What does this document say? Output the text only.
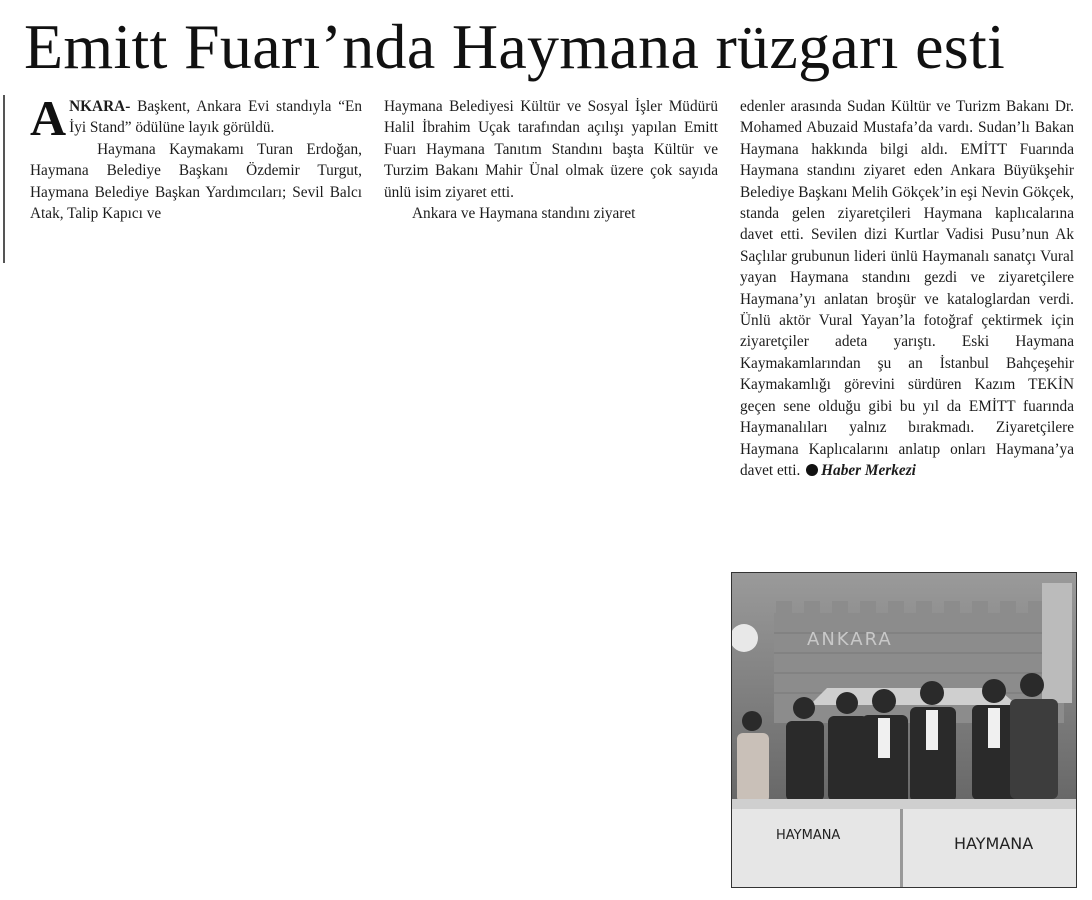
Emitt Fuarı’nda Haymana rüzgarı esti

ANKARA- Başkent, Ankara Evi standıyla “En İyi Stand” ödülüne layık görüldü.

Haymana Kaymakamı Turan Erdoğan, Haymana Belediye Başkanı Özdemir Turgut, Haymana Belediye Başkan Yardımcıları; Sevil Balcı Atak, Talip Kapıcı ve

Haymana Belediyesi Kültür ve Sosyal İşler Müdürü Halil İbrahim Uçak tarafından açılışı yapılan Emitt Fuarı Haymana Tanıtım Standını başta Kültür ve Turzim Bakanı Mahir Ünal olmak üzere çok sayıda ünlü isim ziyaret etti.

Ankara ve Haymana standını ziyaret

edenler arasında Sudan Kültür ve Turizm Bakanı Dr. Mohamed Abuzaid Mustafa’da vardı. Sudan’lı Bakan Haymana hakkında bilgi aldı. EMİTT Fuarında Haymana standını ziyaret eden Ankara Büyükşehir Belediye Başkanı Melih Gökçek’in eşi Nevin Gökçek, standa gelen ziyaretçileri Haymana kaplıcalarına davet etti. Sevilen dizi Kurtlar Vadisi Pusu’nun Ak Saçlılar grubunun lideri ünlü Haymanalı sanatçı Vural yayan Haymana standını gezdi ve ziyaretçilere Haymana’yı anlatan broşür ve kataloglardan verdi. Ünlü aktör Vural Yayan’la fotoğraf çektirmek için ziyaretçiler adeta yarıştı. Eski Haymana Kaymakamlarından şu an İstanbul Bahçeşehir Kaymakamlığı görevini sürdüren Kazım TEKİN geçen sene olduğu gibi bu yıl da EMİTT fuarında Haymanalıları yalnız bırakmadı. Ziyaretçilere Haymana Kaplıcalarını anlatıp onları Haymana’ya davet etti. Haber Merkezi

ANKARA
HAYMANA	HAYMANA
